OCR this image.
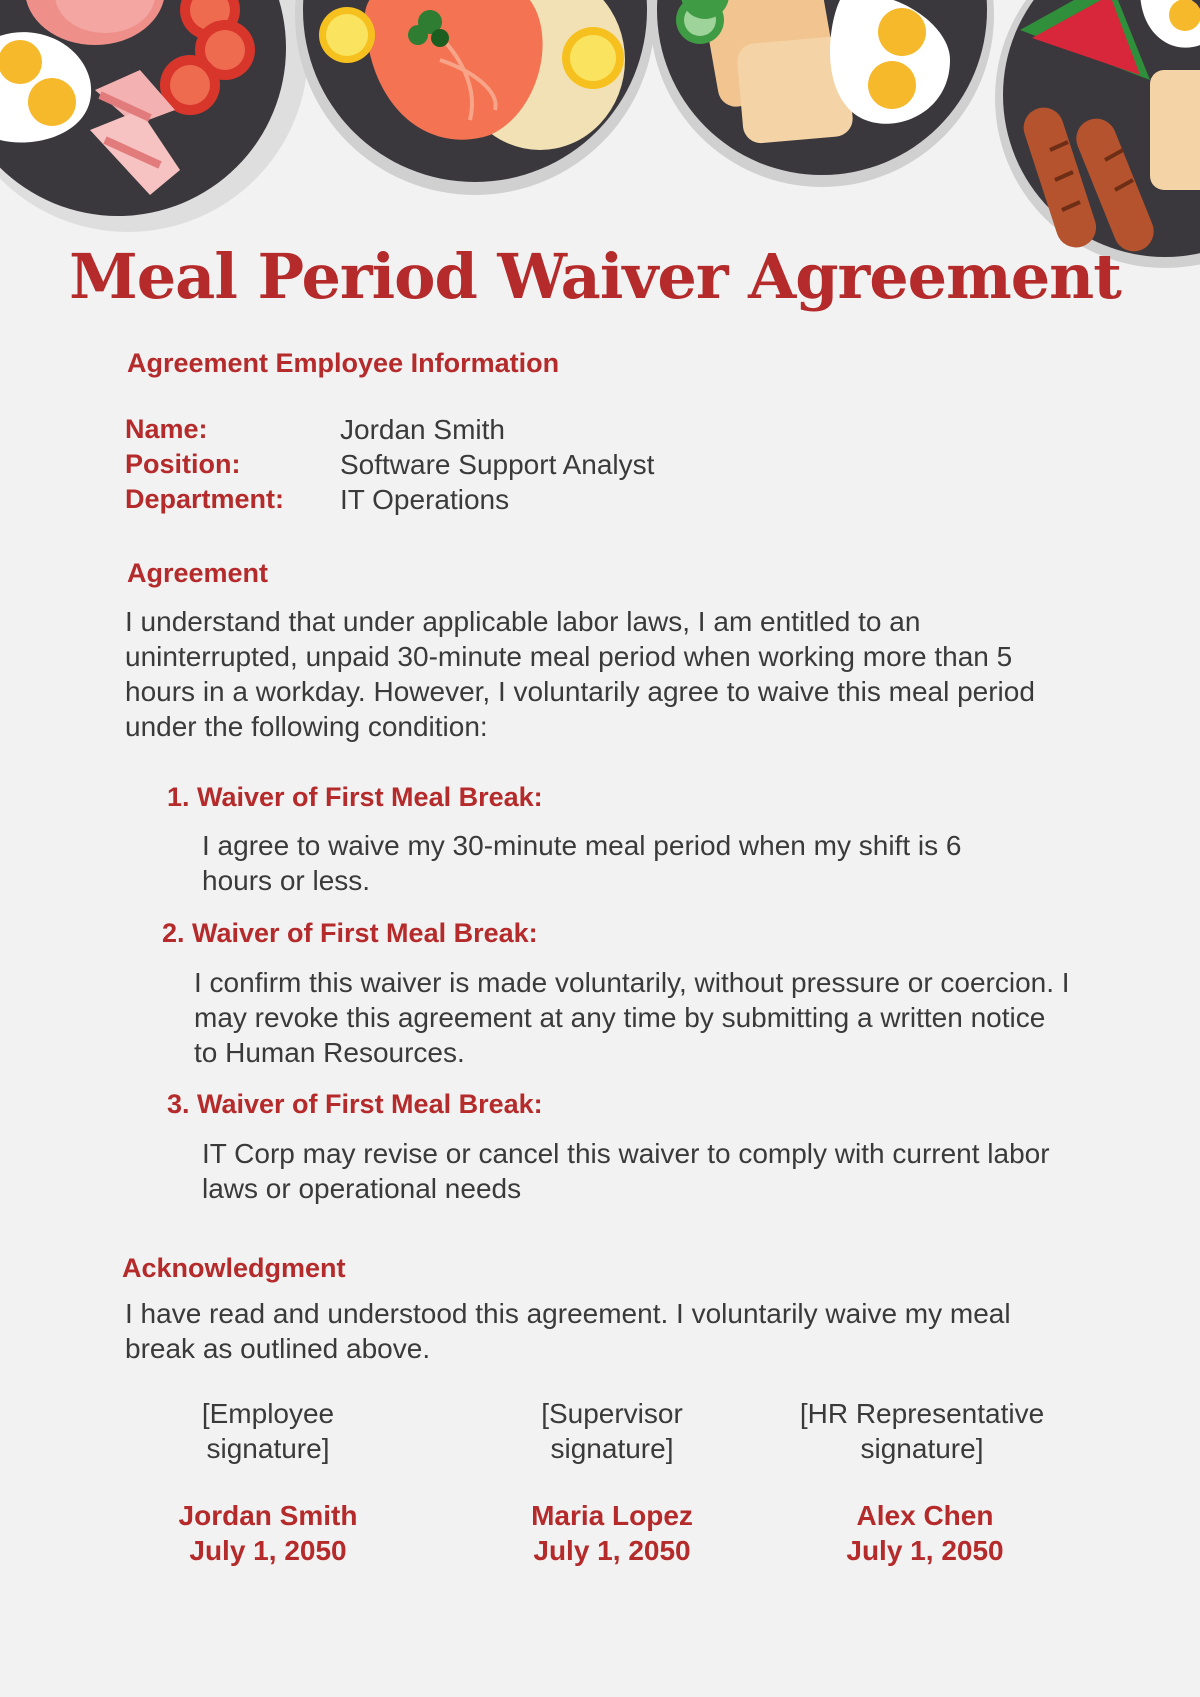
Meal Period Waiver Agreement
Agreement Employee Information
Name:	Jordan Smith
Position:	Software Support Analyst
Department: IT Operations
Agreement

I understand that under applicable labor laws, I am entitled to an uninterrupted, unpaid 30-minute meal period when working more than 5 hours in a workday. However, I voluntarily agree to waive this meal period under the following condition:

1. Waiver of First Meal Break:

I agree to waive my 30-minute meal period when my shift is 6 hours or less.

2. Waiver of First Meal Break:

I confirm this waiver is made voluntarily, without pressure or coercion. I may revoke this agreement at any time by submitting a written notice to Human Resources.

3. Waiver of First Meal Break:

IT Corp may revise or cancel this waiver to comply with current labor laws or operational needs

Acknowledgment

I have read and understood this agreement. I voluntarily waive my meal break as outlined above.

[Employee
signature]
[Supervisor
signature]
[HR Representative
signature]
Jordan Smith
July 1, 2050
Maria Lopez
July 1, 2050
Alex Chen
July 1, 2050
